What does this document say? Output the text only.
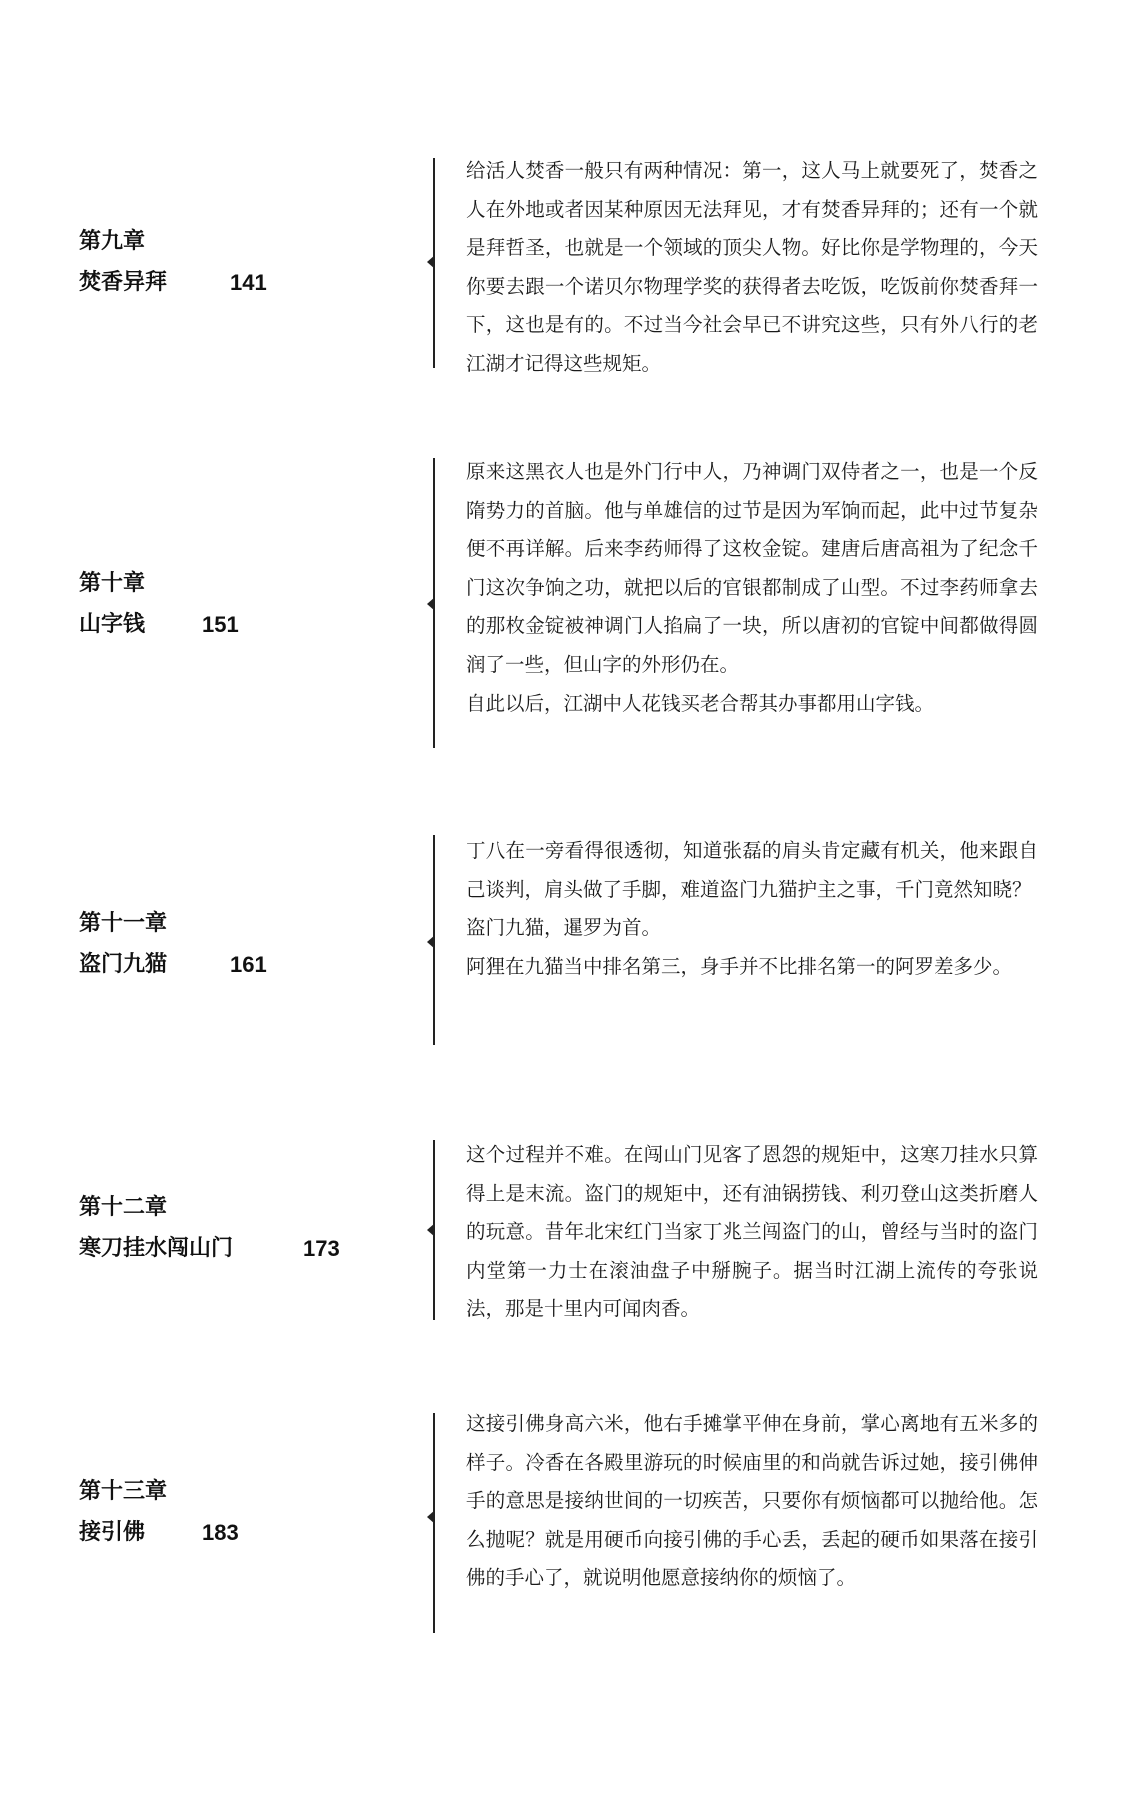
第九章
焚香异拜	141

给活人焚香一般只有两种情况：第一，这人马上就要死了，焚香之人在外地或者因某种原因无法拜见，才有焚香异拜的；还有一个就是拜哲圣，也就是一个领域的顶尖人物。好比你是学物理的，今天你要去跟一个诺贝尔物理学奖的获得者去吃饭，吃饭前你焚香拜一下，这也是有的。不过当今社会早已不讲究这些，只有外八行的老江湖才记得这些规矩。

第十章
山字钱	151

原来这黑衣人也是外门行中人，乃神调门双侍者之一，也是一个反隋势力的首脑。他与单雄信的过节是因为军饷而起，此中过节复杂便不再详解。后来李药师得了这枚金锭。建唐后唐高祖为了纪念千门这次争饷之功，就把以后的官银都制成了山型。不过李药师拿去的那枚金锭被神调门人掐扁了一块，所以唐初的官锭中间都做得圆润了一些，但山字的外形仍在。

自此以后，江湖中人花钱买老合帮其办事都用山字钱。

第十一章
盗门九猫	161

丁八在一旁看得很透彻，知道张磊的肩头肯定藏有机关，他来跟自己谈判，肩头做了手脚，难道盗门九猫护主之事，千门竟然知晓？

盗门九猫，暹罗为首。

阿狸在九猫当中排名第三，身手并不比排名第一的阿罗差多少。

第十二章
寒刀挂水闯山门	173

这个过程并不难。在闯山门见客了恩怨的规矩中，这寒刀挂水只算得上是末流。盗门的规矩中，还有油锅捞钱、利刃登山这类折磨人的玩意。昔年北宋红门当家丁兆兰闯盗门的山，曾经与当时的盗门内堂第一力士在滚油盘子中掰腕子。据当时江湖上流传的夸张说法，那是十里内可闻肉香。

第十三章
接引佛	183

这接引佛身高六米，他右手摊掌平伸在身前，掌心离地有五米多的样子。冷香在各殿里游玩的时候庙里的和尚就告诉过她，接引佛伸手的意思是接纳世间的一切疾苦，只要你有烦恼都可以抛给他。怎么抛呢？就是用硬币向接引佛的手心丢，丢起的硬币如果落在接引佛的手心了，就说明他愿意接纳你的烦恼了。
